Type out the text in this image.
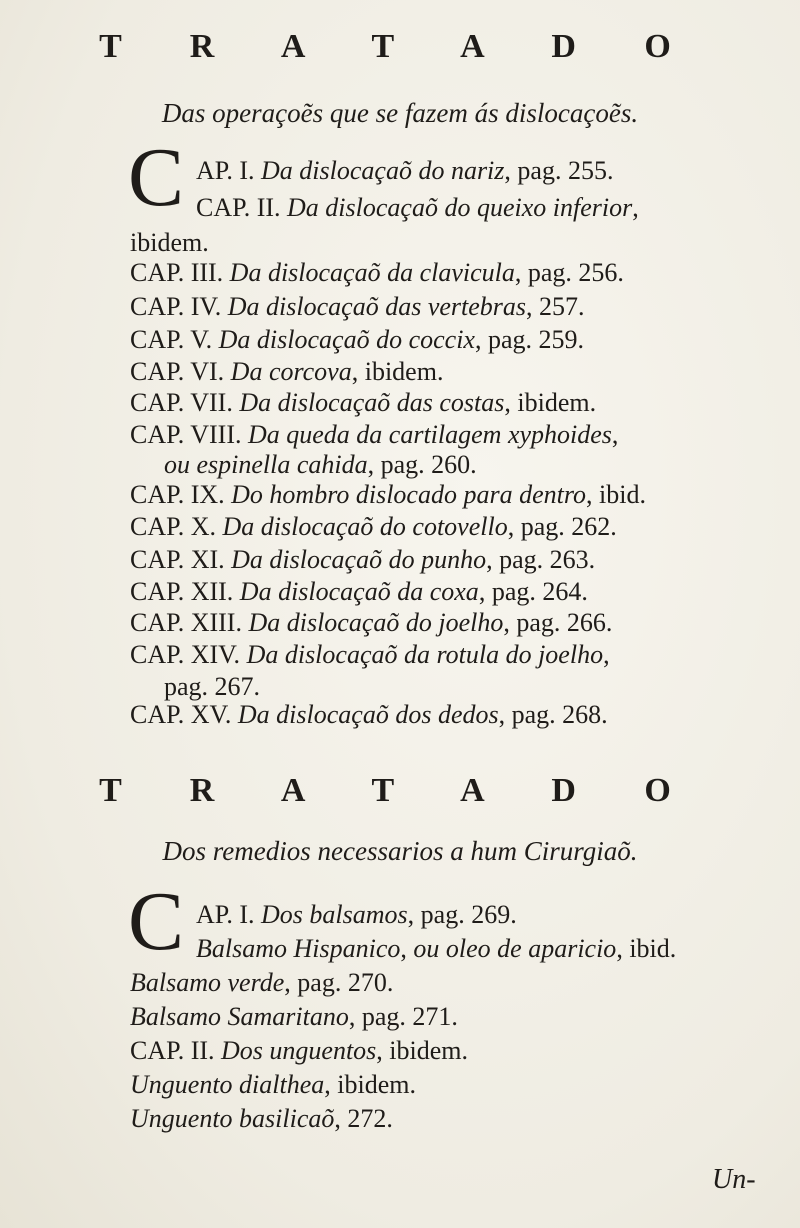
T R A T A D O
Das operaçoẽs que se fazem ás dislocaçoẽs.
C AP. I. Da dislocaçaõ do nariz, pag. 255.
CAP. II. Da dislocaçaõ do queixo inferior,
ibidem.
CAP. III. Da dislocaçaõ da clavicula, pag. 256.
CAP. IV. Da dislocaçaõ das vertebras, 257.
CAP. V. Da dislocaçaõ do coccix, pag. 259.
CAP. VI. Da corcova, ibidem.
CAP. VII. Da dislocaçaõ das costas, ibidem.
CAP. VIII. Da queda da cartilagem xyphoides,
ou espinella cahida, pag. 260.
CAP. IX. Do hombro dislocado para dentro, ibid.
CAP. X. Da dislocaçaõ do cotovello, pag. 262.
CAP. XI. Da dislocaçaõ do punho, pag. 263.
CAP. XII. Da dislocaçaõ da coxa, pag. 264.
CAP. XIII. Da dislocaçaõ do joelho, pag. 266.
CAP. XIV. Da dislocaçaõ da rotula do joelho,
pag. 267.
CAP. XV. Da dislocaçaõ dos dedos, pag. 268.
T R A T A D O
Dos remedios necessarios a hum Cirurgiaõ.
C AP. I. Dos balsamos, pag. 269.
Balsamo Hispanico, ou oleo de aparicio, ibid.
Balsamo verde, pag. 270.
Balsamo Samaritano, pag. 271.
CAP. II. Dos unguentos, ibidem.
Unguento dialthea, ibidem.
Unguento basilicaõ, 272.
Un-
